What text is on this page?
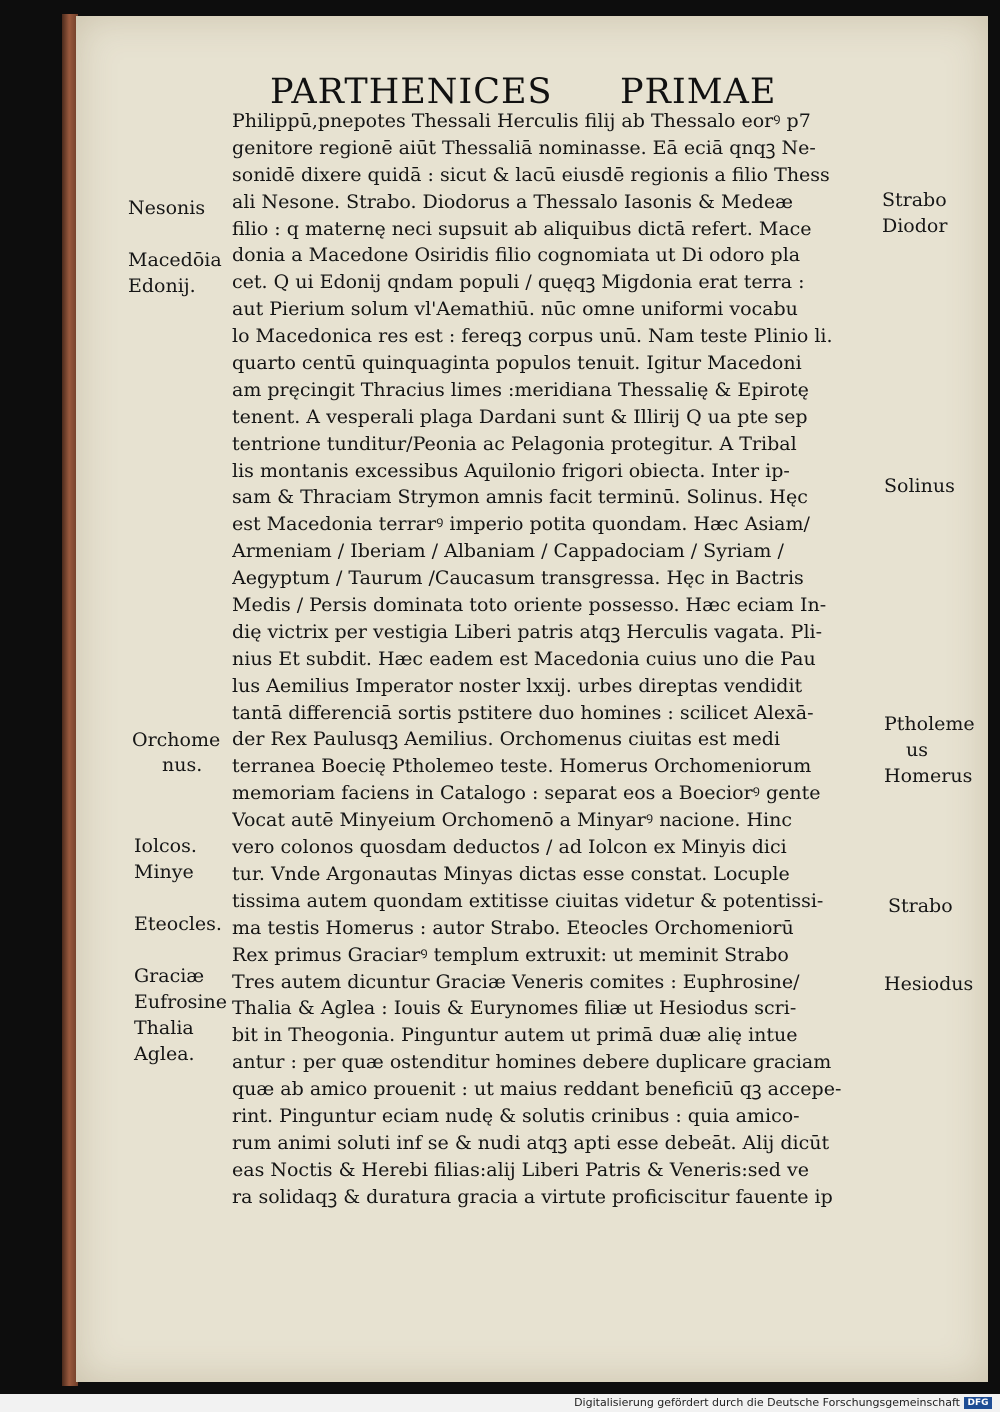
PARTHENICES PRIMAE
Philippū,pnepotes Thessali Herculis filij ab Thessalo eorꝰ p7
genitore regionē aiūt Thessaliā nominasse. Eā eciā qnqꝫ Ne-
sonidē dixere quidā : sicut & lacū eiusdē regionis a filio Thess
ali Nesone. Strabo. Diodorus a Thessalo Iasonis & Medeæ
filio : q maternę neci supsuit ab aliquibus dictā refert. Mace
donia a Macedone Osiridis filio cognomiata ut Di odoro pla
cet. Q ui Edonij qndam populi / quęqꝫ Migdonia erat terra :
aut Pierium solum vl'Aemathiū. nūc omne uniformi vocabu
lo Macedonica res est : fereqꝫ corpus unū. Nam teste Plinio li.
quarto centū quinquaginta populos tenuit. Igitur Macedoni
am pręcingit Thracius limes :meridiana Thessalię & Epirotę
tenent. A vesperali plaga Dardani sunt & Illirij Q ua pte sep
tentrione tunditur/Peonia ac Pelagonia protegitur. A Tribal
lis montanis excessibus Aquilonio frigori obiecta. Inter ip-
sam & Thraciam Strymon amnis facit terminū. Solinus. Hęc
est Macedonia terrarꝰ imperio potita quondam. Hæc Asiam/
Armeniam / Iberiam / Albaniam / Cappadociam / Syriam /
Aegyptum / Taurum /Caucasum transgressa. Hęc in Bactris
Medis / Persis dominata toto oriente possesso. Hæc eciam In-
dię victrix per vestigia Liberi patris atqꝫ Herculis vagata. Pli-
nius Et subdit. Hæc eadem est Macedonia cuius uno die Pau
lus Aemilius Imperator noster lxxij. urbes direptas vendidit
tantā differenciā sortis pstitere duo homines : scilicet Alexā-
der Rex Paulusqꝫ Aemilius. Orchomenus ciuitas est medi
terranea Boecię Ptholemeo teste. Homerus Orchomeniorum
memoriam faciens in Catalogo : separat eos a Boeciorꝰ gente
Vocat autē Minyeium Orchomenō a Minyarꝰ nacione. Hinc
vero colonos quosdam deductos / ad Iolcon ex Minyis dici
tur. Vnde Argonautas Minyas dictas esse constat. Locuple
tissima autem quondam extitisse ciuitas videtur & potentissi-
ma testis Homerus : autor Strabo. Eteocles Orchomeniorū
Rex primus Graciarꝰ templum extruxit: ut meminit Strabo
Tres autem dicuntur Graciæ Veneris comites : Euphrosine/
Thalia & Aglea : Iouis & Eurynomes filiæ ut Hesiodus scri-
bit in Theogonia. Pinguntur autem ut primā duæ alię intue
antur : per quæ ostenditur homines debere duplicare graciam
quæ ab amico prouenit : ut maius reddant beneficiū qꝫ accepe-
rint. Pinguntur eciam nudę & solutis crinibus : quia amico-
rum animi soluti inf se & nudi atqꝫ apti esse debeāt. Alij dicūt
eas Noctis & Herebi filias:alij Liberi Patris & Veneris:sed ve
ra solidaqꝫ & duratura gracia a virtute proficiscitur fauente ip
Nesonis
Macedōia
Edonij.
Orchome
nus.
Iolcos.
Minye
Eteocles.
Graciæ
Eufrosine
Thalia
Aglea.
Strabo
Diodor
Solinus
Ptholeme
us
Homerus
Strabo
Hesiodus
Digitalisierung gefördert durch die Deutsche Forschungsgemeinschaft DFG
